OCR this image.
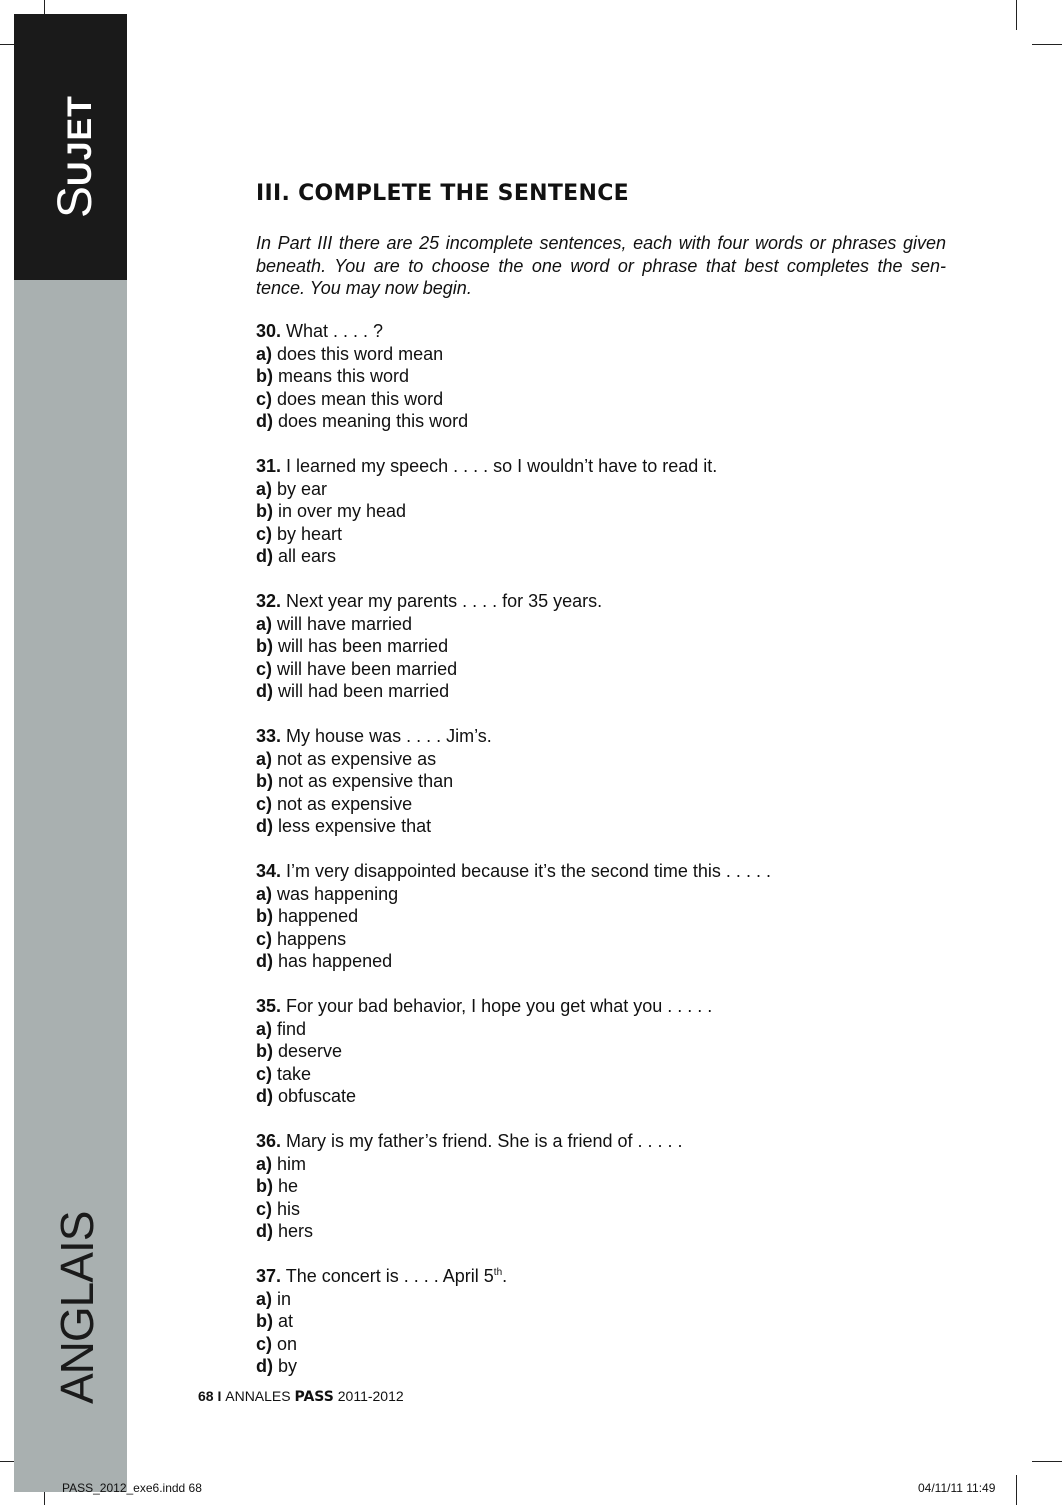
SUJET
ANGLAIS
III. COMPLETE THE SENTENCE

In Part III there are 25 incomplete sentences, each with four words or phrases given beneath. You are to choose the one word or phrase that best completes the sen-tence. You may now begin.

30. What . . . . ?
a) does this word mean
b) means this word
c) does mean this word
d) does meaning this word
31. I learned my speech . . . . so I wouldn’t have to read it.
a) by ear
b) in over my head
c) by heart
d) all ears
32. Next year my parents . . . . for 35 years.
a) will have married
b) will has been married
c) will have been married
d) will had been married
33. My house was . . . . Jim’s.
a) not as expensive as
b) not as expensive than
c) not as expensive
d) less expensive that
34. I’m very disappointed because it’s the second time this . . . . .
a) was happening
b) happened
c) happens
d) has happened
35. For your bad behavior, I hope you get what you . . . . .
a) find
b) deserve
c) take
d) obfuscate
36. Mary is my father’s friend. She is a friend of . . . . .
a) him
b) he
c) his
d) hers
37. The concert is . . . . April 5th.
a) in
b) at
c) on
d) by
68 I ANNALES PASS 2011-2012
PASS_2012_exe6.indd 68	04/11/11 11:49
